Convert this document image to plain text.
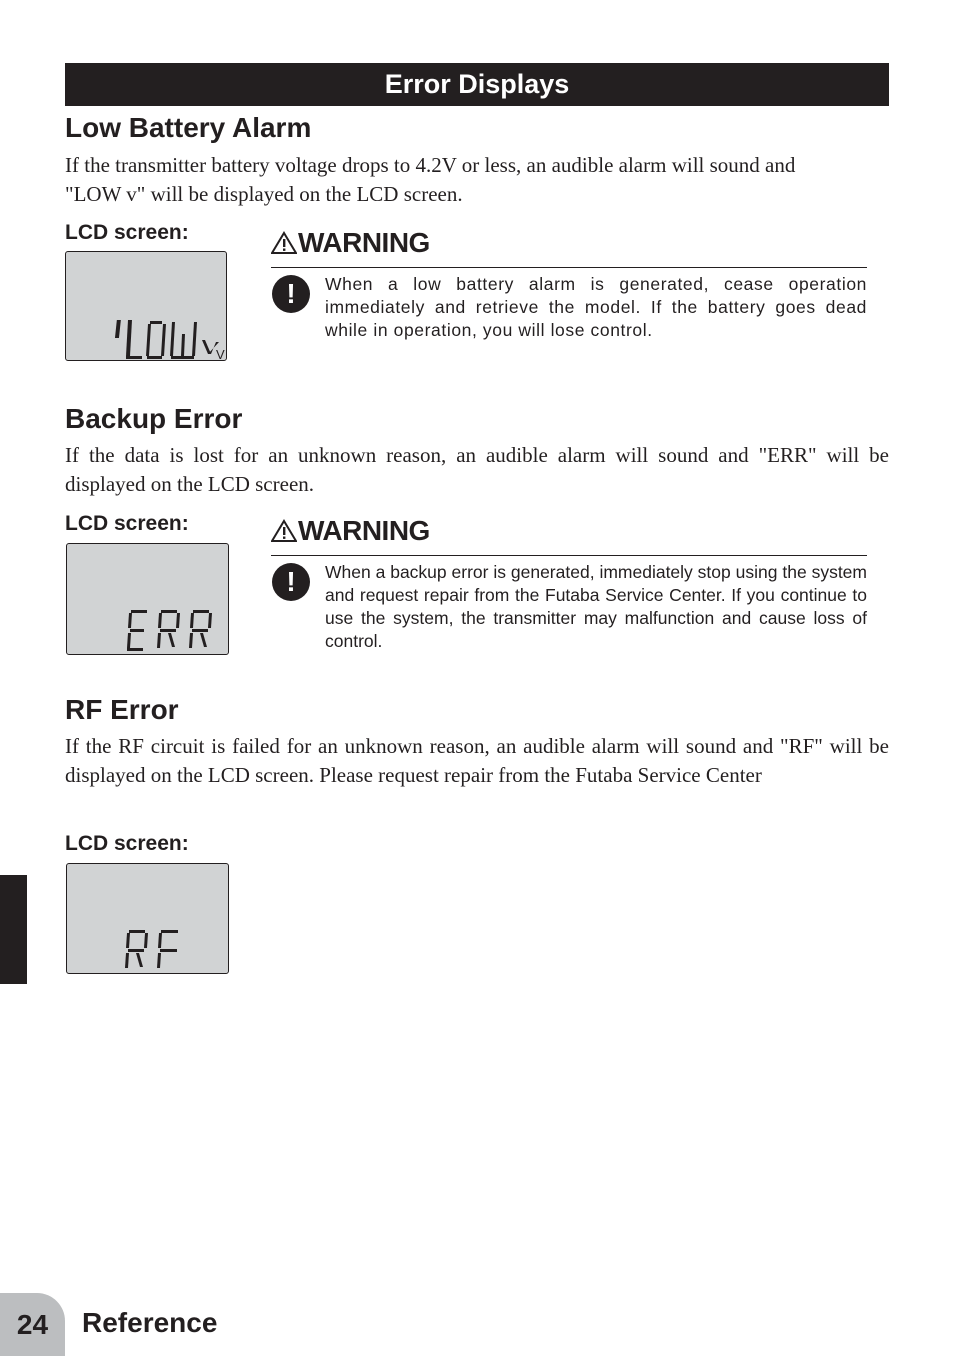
Error Displays
Low Battery Alarm

If the transmitter battery voltage drops to 4.2V or less, an audible alarm will sound and "LOW v" will be displayed on the LCD screen.

LCD screen:
V
WARNING
!	When a low battery alarm is generated, cease operation immediately and retrieve the model. If the battery goes dead while in operation, you will lose control.

Backup Error

If the data is lost for an unknown reason, an audible alarm will sound and "ERR" will be displayed on the LCD screen.

LCD screen:	WARNING
!	When a backup error is generated, immediately stop using the system and request repair from the Futaba Service Center. If you continue to use the system, the transmitter may malfunction and cause loss of control.

RF Error

If the RF circuit is failed for an unknown reason, an audible alarm will sound and "RF" will be displayed on the LCD screen. Please request repair from the Futaba Service Center

LCD screen:
24	Reference
